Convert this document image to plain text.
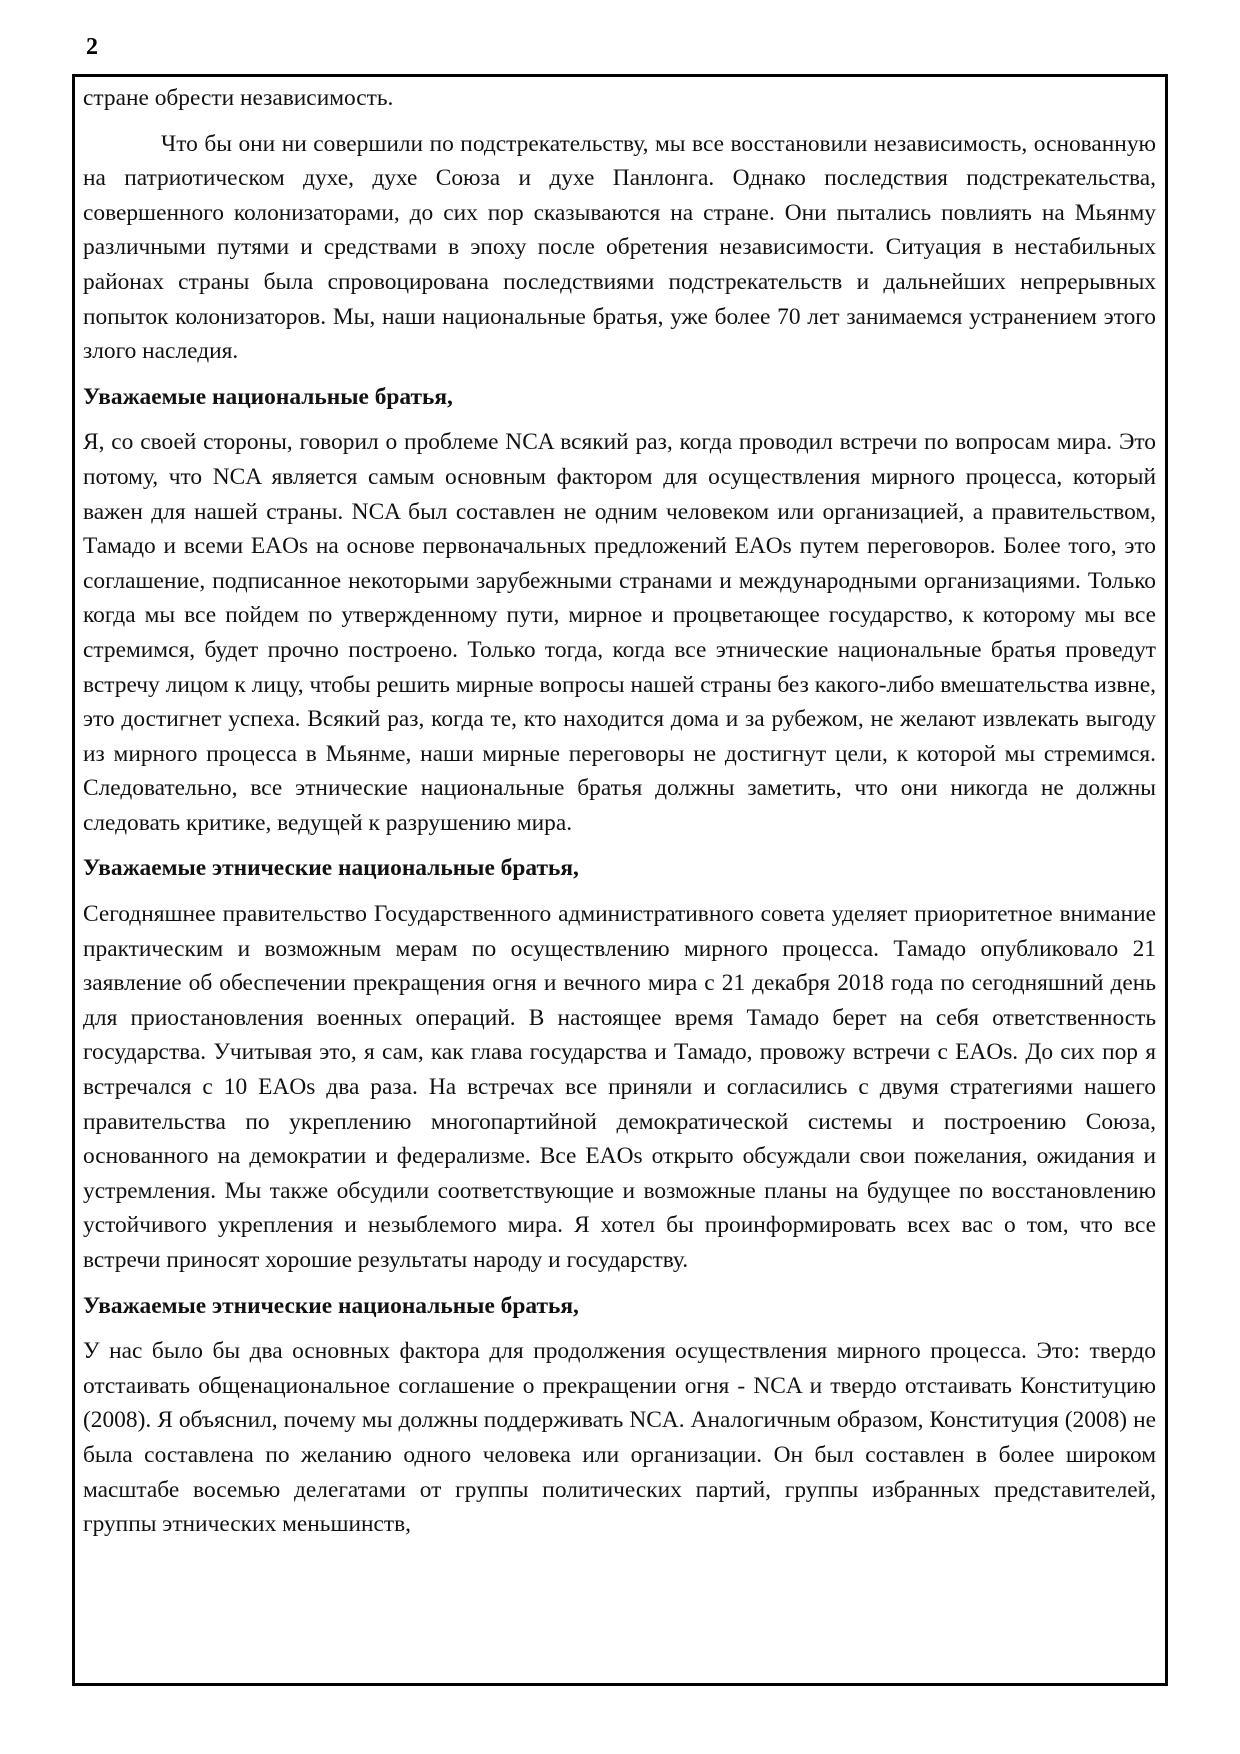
2

стране обрести независимость.

Что бы они ни совершили по подстрекательству, мы все восстановили независимость, основанную на патриотическом духе, духе Союза и духе Панлонга. Однако последствия подстрекательства, совершенного колонизаторами, до сих пор сказываются на стране. Они пытались повлиять на Мьянму различными путями и средствами в эпоху после обретения независимости. Ситуация в нестабильных районах страны была спровоцирована последствиями подстрекательств и дальнейших непрерывных попыток колонизаторов. Мы, наши национальные братья, уже более 70 лет занимаемся устранением этого злого наследия.

Уважаемые национальные братья,

Я, со своей стороны, говорил о проблеме NCA всякий раз, когда проводил встречи по вопросам мира. Это потому, что NCA является самым основным фактором для осуществления мирного процесса, который важен для нашей страны. NCA был составлен не одним человеком или организацией, а правительством, Тамадо и всеми EAOs на основе первоначальных предложений EAOs путем переговоров. Более того, это соглашение, подписанное некоторыми зарубежными странами и международными организациями. Только когда мы все пойдем по утвержденному пути, мирное и процветающее государство, к которому мы все стремимся, будет прочно построено. Только тогда, когда все этнические национальные братья проведут встречу лицом к лицу, чтобы решить мирные вопросы нашей страны без какого-либо вмешательства извне, это достигнет успеха. Всякий раз, когда те, кто находится дома и за рубежом, не желают извлекать выгоду из мирного процесса в Мьянме, наши мирные переговоры не достигнут цели, к которой мы стремимся. Следовательно, все этнические национальные братья должны заметить, что они никогда не должны следовать критике, ведущей к разрушению мира.

Уважаемые этнические национальные братья,

Сегодняшнее правительство Государственного административного совета уделяет приоритетное внимание практическим и возможным мерам по осуществлению мирного процесса. Тамадо опубликовало 21 заявление об обеспечении прекращения огня и вечного мира с 21 декабря 2018 года по сегодняшний день для приостановления военных операций. В настоящее время Тамадо берет на себя ответственность государства. Учитывая это, я сам, как глава государства и Тамадо, провожу встречи с EAOs. До сих пор я встречался с 10 EAOs два раза. На встречах все приняли и согласились с двумя стратегиями нашего правительства по укреплению многопартийной демократической системы и построению Союза, основанного на демократии и федерализме. Все EAOs открыто обсуждали свои пожелания, ожидания и устремления. Мы также обсудили соответствующие и возможные планы на будущее по восстановлению устойчивого укрепления и незыблемого мира. Я хотел бы проинформировать всех вас о том, что все встречи приносят хорошие результаты народу и государству.

Уважаемые этнические национальные братья,

У нас было бы два основных фактора для продолжения осуществления мирного процесса. Это: твердо отстаивать общенациональное соглашение о прекращении огня - NCA и твердо отстаивать Конституцию (2008). Я объяснил, почему мы должны поддерживать NCA. Аналогичным образом, Конституция (2008) не была составлена по желанию одного человека или организации. Он был составлен в более широком масштабе восемью делегатами от группы политических партий, группы избранных представителей, группы этнических меньшинств,
